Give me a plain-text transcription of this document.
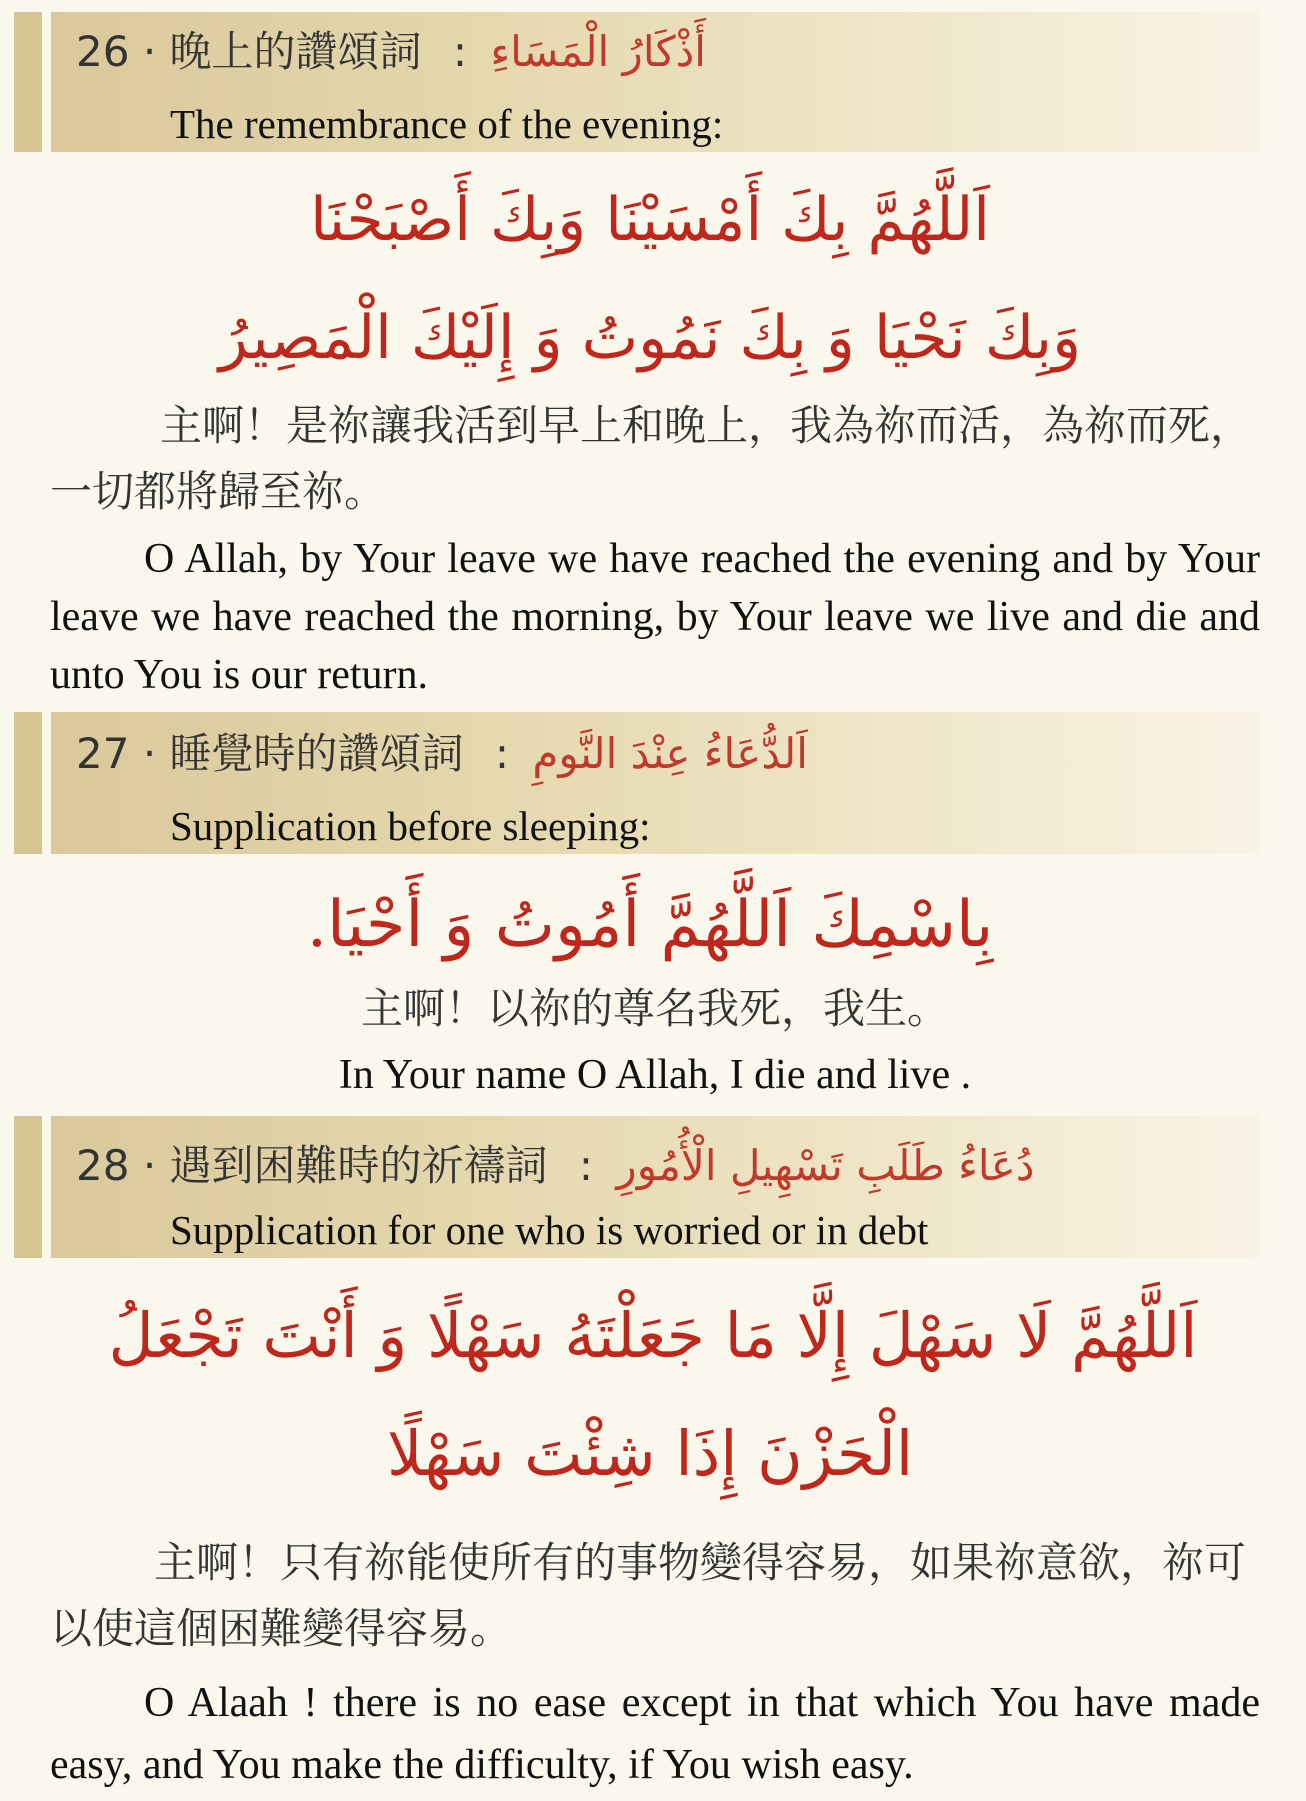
26 · 晚上的讚頌詞 : أَذْكَارُ الْمَسَاءِ
The remembrance of the evening:
اَللَّهُمَّ بِكَ أَمْسَيْنَا وَبِكَ أَصْبَحْنَا
وَبِكَ نَحْيَا وَ بِكَ نَمُوتُ وَ إِلَيْكَ الْمَصِيرُ
主啊！是祢讓我活到早上和晚上，我為祢而活，為祢而死，一切都將歸至祢。
O Allah, by Your leave we have reached the evening and by Your leave we have reached the morning, by Your leave we live and die and unto You is our return.
27 · 睡覺時的讚頌詞 : اَلدُّعَاءُ عِنْدَ النَّومِ
Supplication before sleeping:
بِاسْمِكَ اَللَّهُمَّ أَمُوتُ وَ أَحْيَا.
主啊！以祢的尊名我死，我生。
In Your name O Allah, I die and live .
28 · 遇到困難時的祈禱詞 : دُعَاءُ طَلَبِ تَسْهِيلِ الْأُمُورِ
Supplication for one who is worried or in debt
اَللَّهُمَّ لَا سَهْلَ إِلَّا مَا جَعَلْتَهُ سَهْلًا وَ أَنْتَ تَجْعَلُ
الْحَزْنَ إِذَا شِئْتَ سَهْلًا
主啊！只有祢能使所有的事物變得容易，如果祢意欲，祢可以使這個困難變得容易。
O Alaah ! there is no ease except in that which You have made easy, and You make the difficulty, if You wish easy.
